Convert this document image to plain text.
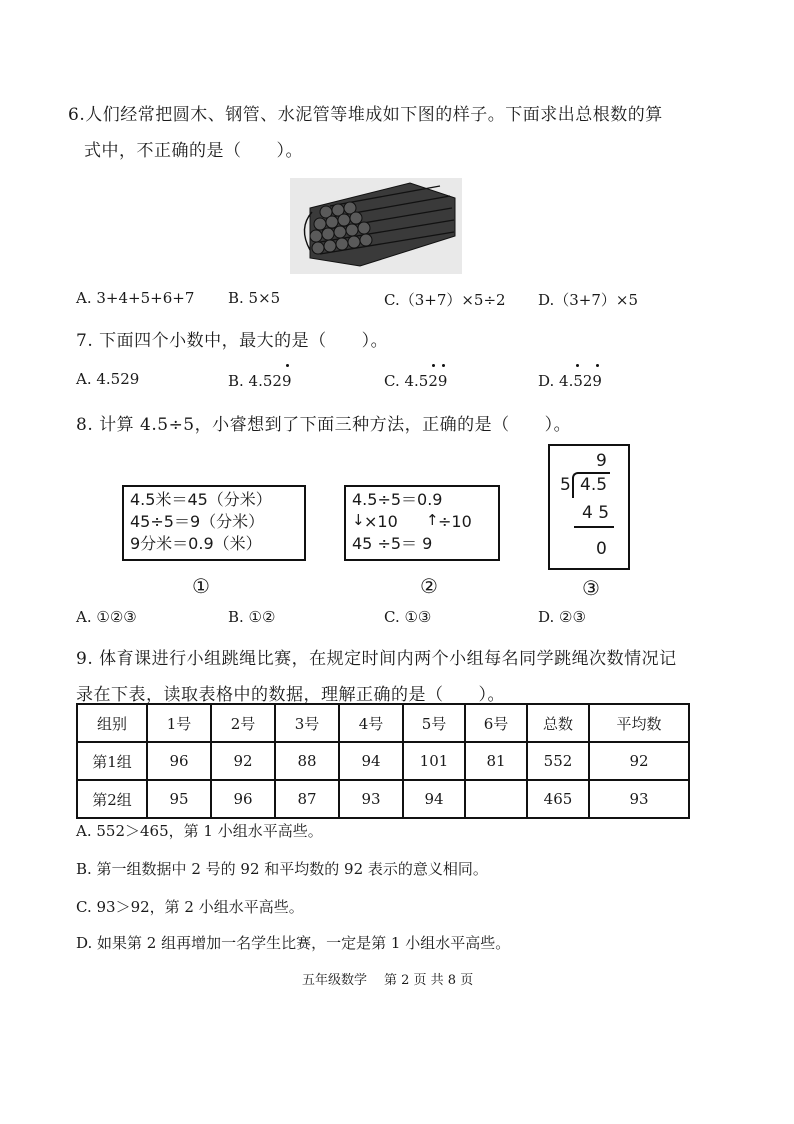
6.人们经常把圆木、钢管、水泥管等堆成如下图的样子。下面求出总根数的算
式中，不正确的是（　　）。
A. 3+4+5+6+7 B. 5×5	C.（3+7）×5÷2 D.（3+7）×5
7. 下面四个小数中，最大的是（　　）。
A. 4.529	B. 4.529	C. 4.529	D. 4.529
8. 计算 4.5÷5，小睿想到了下面三种方法，正确的是（　　）。
4.5米＝45（分米）
45÷5＝9（分米）
9分米＝0.9（米）
4.5÷5＝0.9
↓ ×10 ↑ ÷10
45 ÷5＝ 9
9
5 4.5
4 5
0
①	②	③
A. ①②③	B. ①②	C. ①③	D. ②③
9. 体育课进行小组跳绳比赛，在规定时间内两个小组每名同学跳绳次数情况记
录在下表，读取表格中的数据，理解正确的是（　　）。
组别	1号	2号	3号	4号	5号	6号	总数	平均数
第1组	96	92	88	94	101	81	552	92
第2组	95	96	87	93	94		465	93
A. 552＞465，第 1 小组水平高些。
B. 第一组数据中 2 号的 92 和平均数的 92 表示的意义相同。
C. 93＞92，第 2 小组水平高些。
D. 如果第 2 组再增加一名学生比赛，一定是第 1 小组水平高些。
五年级数学 第 2 页 共 8 页
